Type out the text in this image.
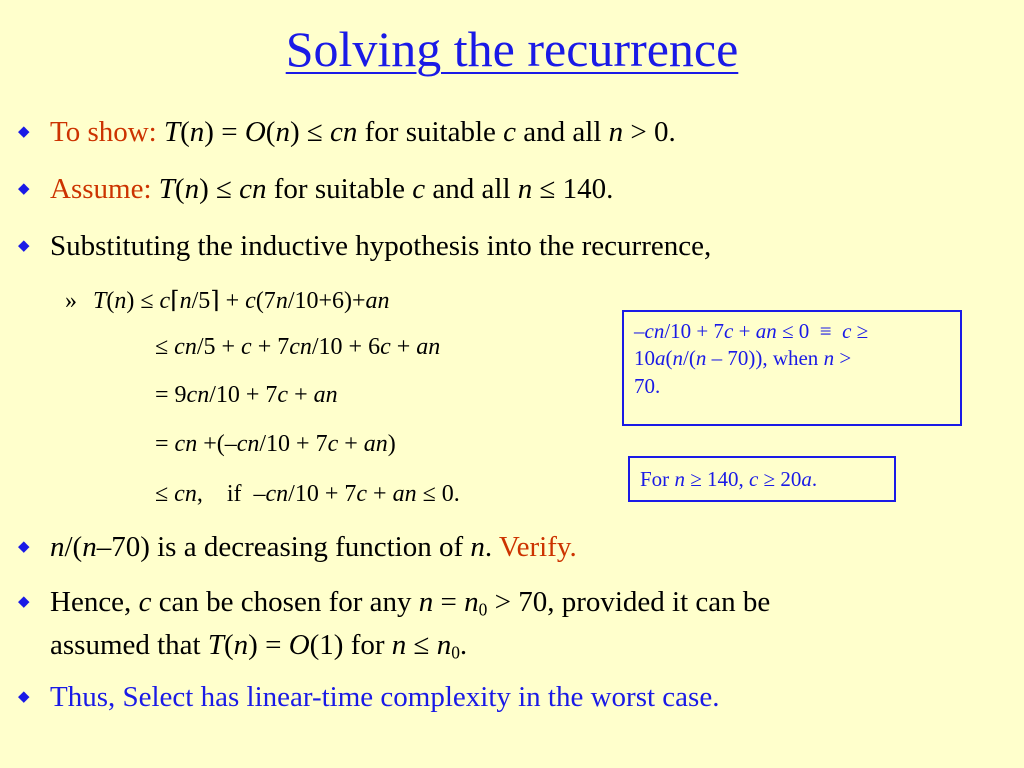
Solving the recurrence
◆ To show: T(n) = O(n) ≤ cn for suitable c and all n > 0.
◆ Assume: T(n) ≤ cn for suitable c and all n ≤ 140.
◆ Substituting the inductive hypothesis into the recurrence,
» T(n) ≤ c⌈n/5⌉ + c(7n/10+6)+an
≤ cn/5 + c + 7cn/10 + 6c + an
= 9cn/10 + 7c + an
= cn +(–cn/10 + 7c + an)
≤ cn,    if  –cn/10 + 7c + an ≤ 0.
–cn/10 + 7c + an ≤ 0  ≡  c ≥
10a(n/(n – 70)), when n >
70.
For n ≥ 140, c ≥ 20a.
◆ n/(n–70) is a decreasing function of n. Verify.
◆ Hence, c can be chosen for any $n = n_0 > 70$, provided it can be
assumed that T(n) = O(1) for $n \le n_0$.
◆ Thus, Select has linear-time complexity in the worst case.
